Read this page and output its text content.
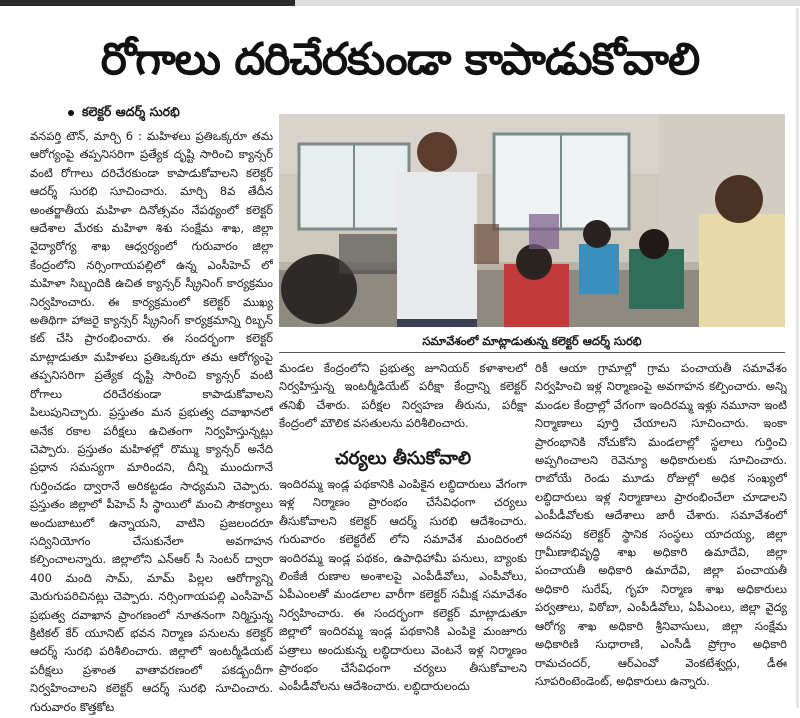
రోగాలు దరిచేరకుండా కాపాడుకోవాలి
కలెక్టర్ ఆదర్శ్ సురభి

వనపర్తి టౌన్, మార్చి 6 : మహిళలు ప్రతిఒక్కరూ తమ ఆరోగ్యంపై తప్పనిసరిగా ప్రత్యేక దృష్టి సారించి క్యాన్సర్ వంటి రోగాలు దరిచేరకుండా కాపాడుకోవాలని కలెక్టర్ ఆదర్శ్ సురభి సూచించారు. మార్చి 8వ తేదీన అంతర్జాతీయ మహిళా దినోత్సవం నేపథ్యంలో కలెక్టర్ ఆదేశాల మేరకు మహిళా శిశు సంక్షేమ శాఖ, జిల్లా వైద్యారోగ్య శాఖ ఆధ్వర్యంలో గురువారం జిల్లా కేంద్రంలోని నర్సింగాయపల్లిలో ఉన్న ఎంసీహెచ్ లో మహిళా సిబ్బందికి ఉచిత క్యాన్సర్ స్క్రీనింగ్ కార్యక్రమం నిర్వహించారు. ఈ కార్యక్రమంలో కలెక్టర్ ముఖ్య అతిథిగా హాజరై క్యాన్సర్ స్క్రీనింగ్ కార్యక్రమాన్ని రిబ్బన్ కట్ చేసి ప్రారంభించారు. ఈ సందర్భంగా కలెక్టర్ మాట్లాడుతూ మహిళలు ప్రతిఒక్కరూ తమ ఆరోగ్యంపై తప్పనిసరిగా ప్రత్యేక దృష్టి సారించి క్యాన్సర్ వంటి రోగాలు దరిచేరకుండా కాపాడుకోవాలని పిలుపునిచ్చారు. ప్రస్తుతం మన ప్రభుత్వ దవాఖానలో అనేక రకాల పరీక్షలు ఉచితంగా నిర్వహిస్తున్నట్లు చెప్పారు. ప్రస్తుతం మహిళల్లో రొమ్ము క్యాన్సర్ అనేది ప్రధాన సమస్యగా మారిందని, దీన్ని ముందుగానే గుర్తించడం ద్వారానే అరికట్టడం సాధ్యమని చెప్పారు. ప్రస్తుతం జిల్లాలో పీహెచ్ సీ స్థాయిలో మంచి సౌకర్యాలు అందుబాటులో ఉన్నాయని, వాటిని ప్రజలందరూ సద్వినియోగం చేసుకునేలా అవగాహన కల్పించాలన్నారు. జిల్లాలోని ఎన్ఆర్ సీ సెంటర్ ద్వారా 400 మంది సామ్, మామ్ పిల్లల ఆరోగ్యాన్ని మెరుగుపరిచినట్లు చెప్పారు. నర్సింగాయపల్లి ఎంసీహెచ్ ప్రభుత్వ దవాఖాన ప్రాంగణంలో నూతనంగా నిర్మిస్తున్న క్రిటికల్ కేర్ యూనిట్ భవన నిర్మాణ పనులను కలెక్టర్ ఆదర్శ్ సురభి పరిశీలించారు. జిల్లాలో ఇంటర్మీడియట్ పరీక్షలు ప్రశాంత వాతావరణంలో పకడ్బందీగా నిర్వహించాలని కలెక్టర్ ఆదర్శ్ సురభి సూచించారు. గురువారం కొత్తకోట

సమావేశంలో మాట్లాడుతున్న కలెక్టర్ ఆదర్శ్ సురభి

మండల కేంద్రంలోని ప్రభుత్వ జూనియర్ కళాశాలలో నిర్వహిస్తున్న ఇంటర్మీడియేట్ పరీక్షా కేంద్రాన్ని కలెక్టర్ తనిఖీ చేశారు. పరీక్షల నిర్వహణ తీరును, పరీక్షా కేంద్రంలో మౌలిక వసతులను పరిశీలించారు.

చర్యలు తీసుకోవాలి

ఇందిరమ్మ ఇండ్ల పథకానికి ఎంపికైన లబ్ధిదారులు వేగంగా ఇళ్ల నిర్మాణం ప్రారంభం చేసేవిధంగా చర్యలు తీసుకోవాలని కలెక్టర్ ఆదర్శ్ సురభి ఆదేశించారు. గురువారం కలెక్టరేట్ లోని సమావేశ మందిరంలో ఇందిరమ్మ ఇండ్ల పథకం, ఉపాధిహామీ పనులు, బ్యాంకు లింకేజీ రుణాల అంశాలపై ఎంపీడీవోలు, ఎంపీవోలు, ఏపీఎంలతో మండలాల వారీగా కలెక్టర్ సమీక్ష సమావేశం నిర్వహించారు. ఈ సందర్భంగా కలెక్టర్ మాట్లాడుతూ జిల్లాలో ఇందిరమ్మ ఇండ్ల పథకానికి ఎంపికై మంజూరు పత్రాలు అందుకున్న లబ్ధిదారులు వెంటనే ఇళ్ల నిర్మాణం ప్రారంభం చేసేవిధంగా చర్యలు తీసుకోవాలని ఎంపీడీవోలను ఆదేశించారు. లబ్ధిదారులందు

రికీ ఆయా గ్రామాల్లో గ్రామ పంచాయతీ సమావేశం నిర్వహించి ఇళ్ల నిర్మాణంపై అవగాహన కల్పించారు. అన్ని మండల కేంద్రాల్లో వేగంగా ఇందిరమ్మ ఇళ్లు నమూనా ఇంటి నిర్మాణాలు పూర్తి చేయాలని సూచించారు. ఇంకా ప్రారంభానికి నోచుకోని మండలాల్లో స్థలాలు గుర్తించి అప్పగించాలని రెవెన్యూ అధికారులకు సూచించారు. రాబోయే రెండు మూడు రోజుల్లో అధిక సంఖ్యలో లబ్ధిదారులు ఇళ్ల నిర్మాణాలు ప్రారంభించేలా చూడాలని ఎంపీడీవోలకు ఆదేశాలు జారీ చేశారు. సమావేశంలో అదనపు కలెక్టర్ స్థానిక సంస్థలు యాదయ్య, జిల్లా గ్రామీణాభివృద్ధి శాఖ అధికారి ఉమాదేవి, జిల్లా పంచాయతీ అధికారి ఉమాదేవి, జిల్లా పంచాయతీ అధికారి సురేష్, గృహ నిర్మాణ శాఖ అధికారులు పర్వతాలు, విఠోబా, ఎంపీడీవోలు, ఏపీఎంలు, జిల్లా వైద్య ఆరోగ్య శాఖ అధికారి శ్రీనివాసులు, జిల్లా సంక్షేమ అధికారిణి సుధారాణి, ఎంసీడీ ప్రోగ్రాం అధికారి రామచందర్, ఆర్ఎంవో వెంకటేశ్వర్లు, డీఈ సూపరింటెండెంట్, అధికారులు ఉన్నారు.
